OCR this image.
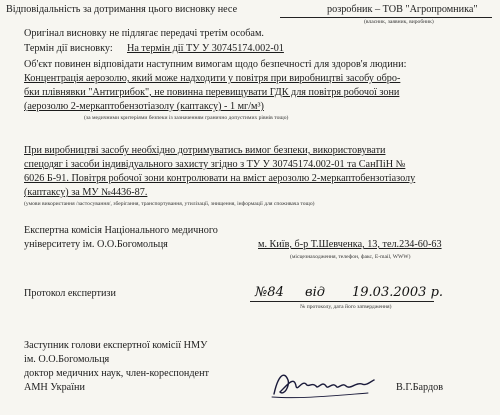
Відповідальність за дотримання цього висновку несе	розробник – ТОВ "Агропромника"
(власник, заявник, виробник)
Оригінал висновку не підлягає передачі третім особам.
Термін дії висновку: На термін дії ТУ У 30745174.002-01
Об'єкт повинен відповідати наступним вимогам щодо безпечності для здоров'я людини:
Концентрація аерозолю, який може надходити у повітря при виробництві засобу обро-
бки плівнявки "Антигрибок", не повинна перевищувати ГДК для повітря робочої зони
(аерозолю 2-меркаптобензотіазолу (каптаксу) - 1 мг/м³)
(за медичними критеріями безпеки із зазначенням гранично допустимих рівнів тощо)
При виробництві засобу необхідно дотримуватись вимог безпеки, використовувати
спецодяг і засоби індивідуального захисту згідно з ТУ У 30745174.002-01 та СанПіН №
6026 Б-91. Повітря робочої зони контролювати на вміст аерозолю 2-меркаптобензотіазолу
(каптаксу) за МУ №4436-87.
(умови використання /застосування/, зберігання, транспортування, утилізації, знищення, інформації для споживача тощо)
Експертна комісія Національного медичного
університету ім. О.О.Богомольця	м. Київ, б-р Т.Шевченка, 13, тел.234-60-63
(місцезнаходження, телефон, факс, E-mail, WWW)
Протокол експертизи	№84 від 19.03.2003 р.
№ протоколу, дата його затвердження)
Заступник голови експертної комісії НМУ
ім. О.О.Богомольця
доктор медичних наук, член-кореспондент
АМН України	В.Г.Бардов
